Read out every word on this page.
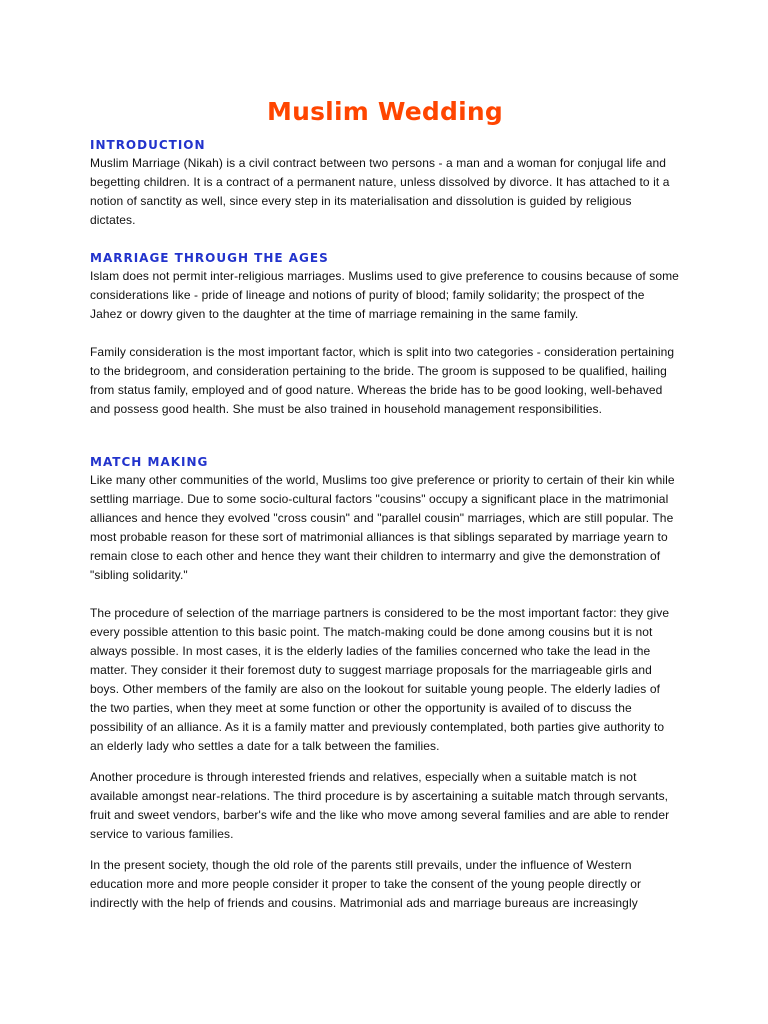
Muslim Wedding
INTRODUCTION

Muslim Marriage (Nikah) is a civil contract between two persons - a man and a woman for conjugal life and begetting children. It is a contract of a permanent nature, unless dissolved by divorce. It has attached to it a notion of sanctity as well, since every step in its materialisation and dissolution is guided by religious dictates.

MARRIAGE THROUGH THE AGES

Islam does not permit inter-religious marriages. Muslims used to give preference to cousins because of some considerations like - pride of lineage and notions of purity of blood; family solidarity; the prospect of the Jahez or dowry given to the daughter at the time of marriage remaining in the same family.

Family consideration is the most important factor, which is split into two categories - consideration pertaining to the bridegroom, and consideration pertaining to the bride. The groom is supposed to be qualified, hailing from status family, employed and of good nature. Whereas the bride has to be good looking, well-behaved and possess good health. She must be also trained in household management responsibilities.

MATCH MAKING

Like many other communities of the world, Muslims too give preference or priority to certain of their kin while settling marriage. Due to some socio-cultural factors "cousins" occupy a significant place in the matrimonial alliances and hence they evolved "cross cousin" and "parallel cousin" marriages, which are still popular. The most probable reason for these sort of matrimonial alliances is that siblings separated by marriage yearn to remain close to each other and hence they want their children to intermarry and give the demonstration of "sibling solidarity."

The procedure of selection of the marriage partners is considered to be the most important factor: they give every possible attention to this basic point. The match-making could be done among cousins but it is not always possible. In most cases, it is the elderly ladies of the families concerned who take the lead in the matter. They consider it their foremost duty to suggest marriage proposals for the marriageable girls and boys. Other members of the family are also on the lookout for suitable young people. The elderly ladies of the two parties, when they meet at some function or other the opportunity is availed of to discuss the possibility of an alliance. As it is a family matter and previously contemplated, both parties give authority to an elderly lady who settles a date for a talk between the families.

Another procedure is through interested friends and relatives, especially when a suitable match is not available amongst near-relations. The third procedure is by ascertaining a suitable match through servants, fruit and sweet vendors, barber's wife and the like who move among several families and are able to render service to various families.

In the present society, though the old role of the parents still prevails, under the influence of Western education more and more people consider it proper to take the consent of the young people directly or indirectly with the help of friends and cousins. Matrimonial ads and marriage bureaus are increasingly
